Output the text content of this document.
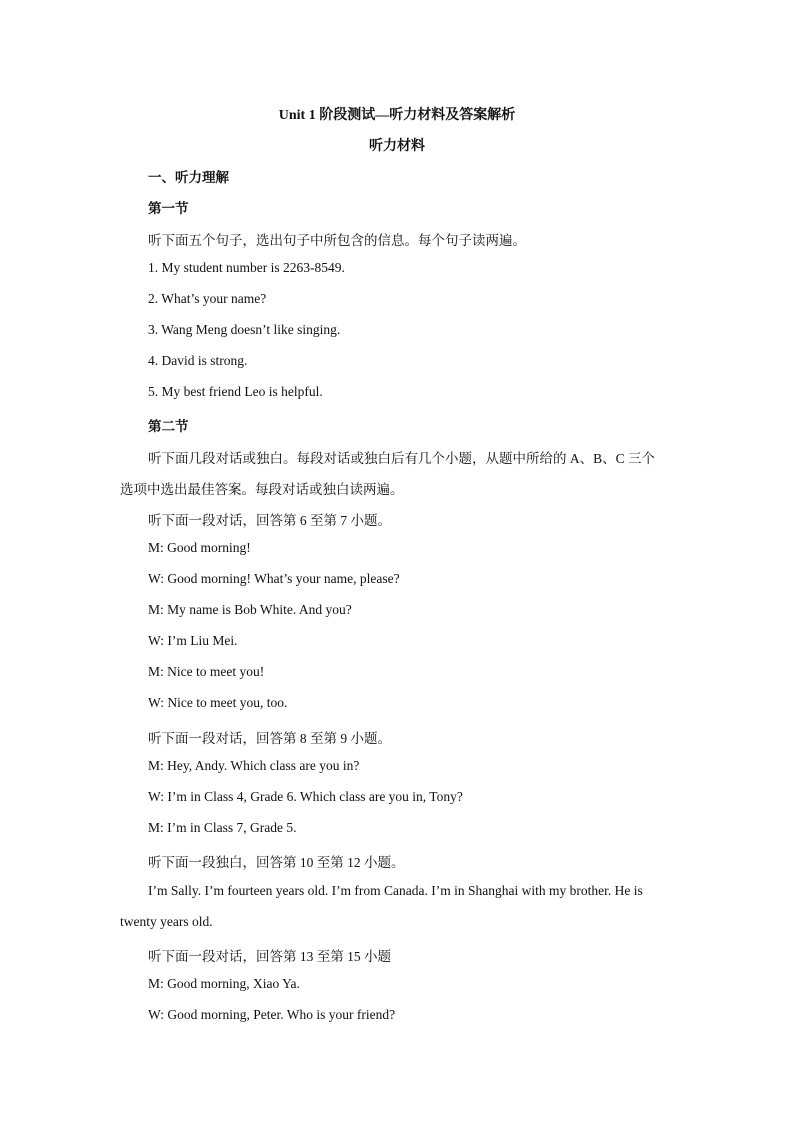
Unit 1 阶段测试—听力材料及答案解析
听力材料
一、听力理解
第一节
听下面五个句子，选出句子中所包含的信息。每个句子读两遍。
1. My student number is 2263-8549.
2. What’s your name?
3. Wang Meng doesn’t like singing.
4. David is strong.
5. My best friend Leo is helpful.
第二节
听下面几段对话或独白。每段对话或独白后有几个小题，从题中所给的 A、B、C 三个
选项中选出最佳答案。每段对话或独白读两遍。
听下面一段对话，回答第 6 至第 7 小题。
M: Good morning!
W: Good morning! What’s your name, please?
M: My name is Bob White. And you?
W: I’m Liu Mei.
M: Nice to meet you!
W: Nice to meet you, too.
听下面一段对话，回答第 8 至第 9 小题。
M: Hey, Andy. Which class are you in?
W: I’m in Class 4, Grade 6. Which class are you in, Tony?
M: I’m in Class 7, Grade 5.
听下面一段独白，回答第 10 至第 12 小题。
I’m Sally. I’m fourteen years old. I’m from Canada. I’m in Shanghai with my brother. He is
twenty years old.
听下面一段对话，回答第 13 至第 15 小题
M: Good morning, Xiao Ya.
W: Good morning, Peter. Who is your friend?
